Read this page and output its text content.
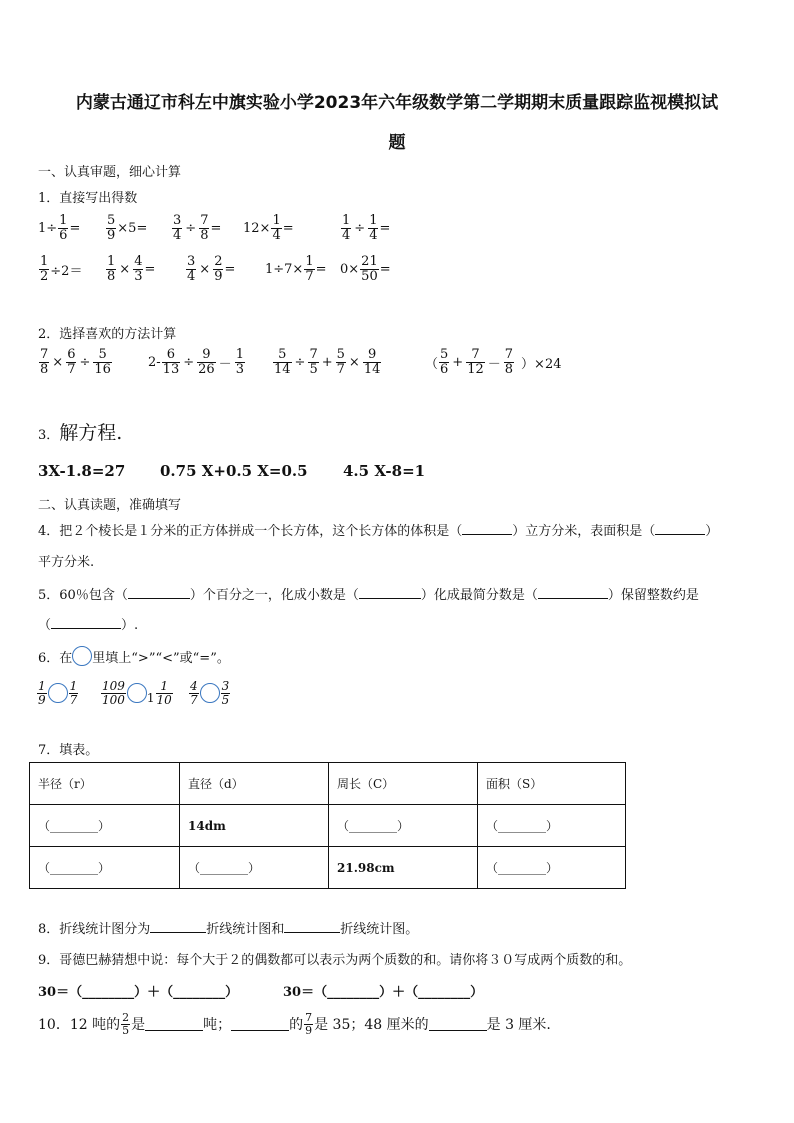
内蒙古通辽市科左中旗实验小学2023年六年级数学第二学期期末质量跟踪监视模拟试
题
一、认真审题，细心计算
1．直接写出得数
$1\div \frac{1}{6} = \frac{5}{9} \times 5= \frac{3}{4} \div \frac{7}{8} = 12\times \frac{1}{4}$ =	$\frac{1}{4} \div \frac{1}{4}$ =
$\frac{1}{2} \div 2= \frac{1}{8} \times \frac{4}{3} = \frac{3}{4} \times \frac{2}{9} = 1\div 7\times \frac{1}{7} = 0\times \frac{21}{50}$ =
2．选择喜欢的方法计算
$\frac{7}{8} \times \frac{6}{7} \div \frac{5}{16}$	$2- \frac{6}{13} \div \frac{9}{26} - \frac{1}{3} \frac{5}{14} \div \frac{7}{5} + \frac{5}{7} \times \frac{9}{14}$	（ $\frac{5}{6} + \frac{7}{12} - \frac{7}{8} )\times 24$
3．解方程.
3X-1.8=27 0.75 X+0.5 X=0.5 4.5 X-8=1
二、认真读题，准确填写
4．把２个棱长是１分米的正方体拼成一个长方体，这个长方体的体积是（	）立方分米，表面积是（	）
平方分米.
5．60％包含（	）个百分之一，化成小数是（	）化成最简分数是（	）保留整数约是
（	）.
6．在 里填上“>”“<”或“=”。
$\frac{1}{9} \frac{1}{7} \frac{109}{100} 1 \frac{1}{10} \frac{4}{7} \frac{3}{5}$
7．填表。
半径（r）	直径（d）	周长（C）	面积（S）
（________）	14dm	（________）	（________）
（________）	（________）	21.98cm	（________）
8．折线统计图分为	折线统计图和	折线统计图。
9．哥德巴赫猜想中说：每个大于２的偶数都可以表示为两个质数的和。请你将３０写成两个质数的和。
30＝（________）＋（________）	30＝（________）＋（________）
10．12 吨的 $\frac{2}{5}$ 是	吨；	的 $\frac{7}{9}$ 是 35；48 厘米的	是 3 厘米.
